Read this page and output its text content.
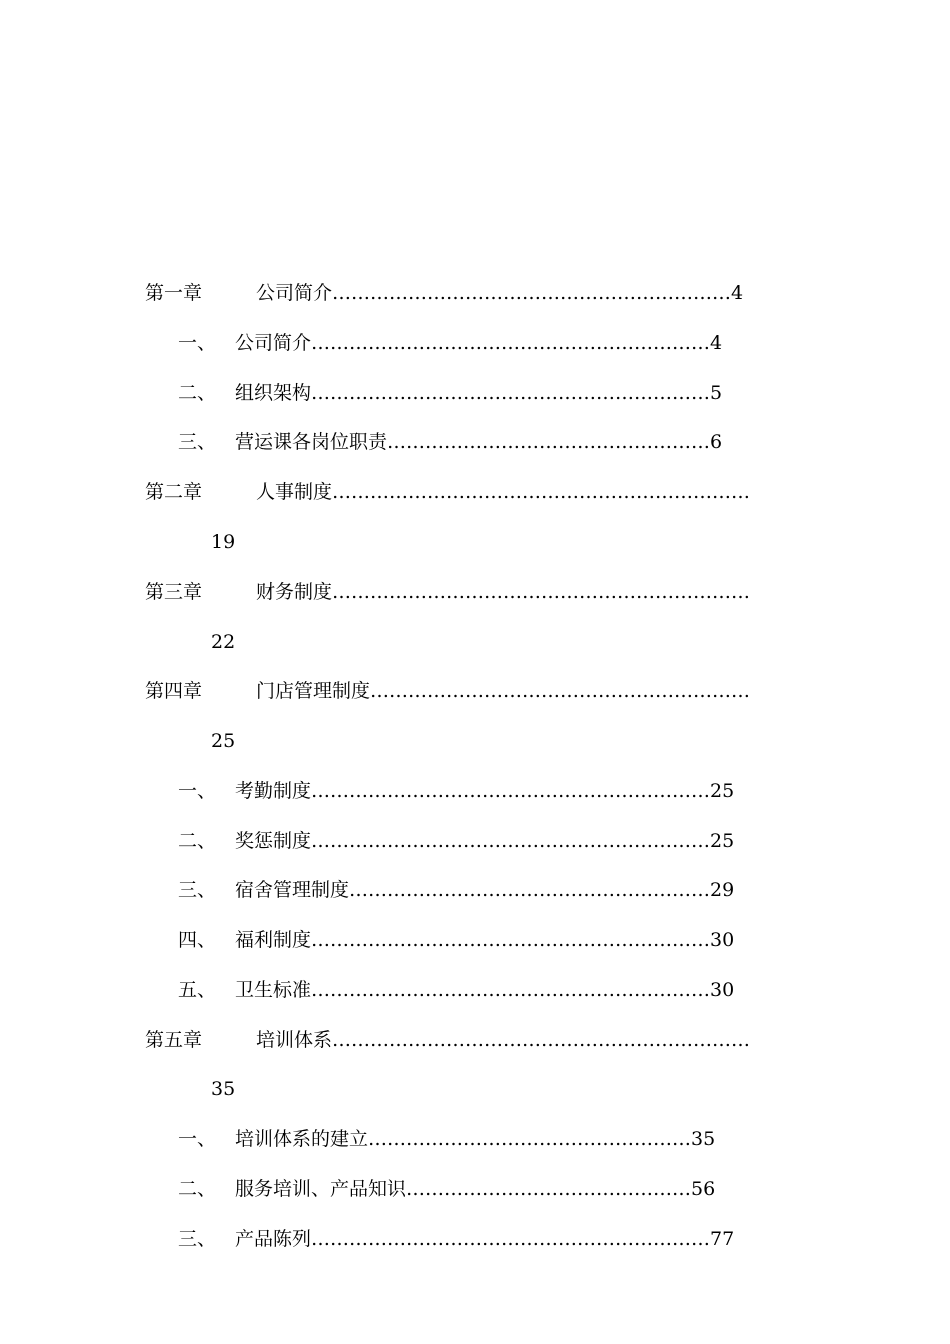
第一章	公司简介………………………………………………………4
一、 公司简介………………………………………………………4
二、 组织架构………………………………………………………5
三、 营运课各岗位职责……………………………………………6
第二章	人事制度…………………………………………………………
19
第三章	财务制度…………………………………………………………
22
第四章	门店管理制度……………………………………………………
25
一、 考勤制度………………………………………………………25
二、 奖惩制度………………………………………………………25
三、 宿舍管理制度…………………………………………………29
四、 福利制度………………………………………………………30
五、 卫生标准………………………………………………………30
第五章	培训体系…………………………………………………………
35
一、 培训体系的建立……………………………………………35
二、 服务培训、产品知识………………………………………56
三、 产品陈列………………………………………………………77
